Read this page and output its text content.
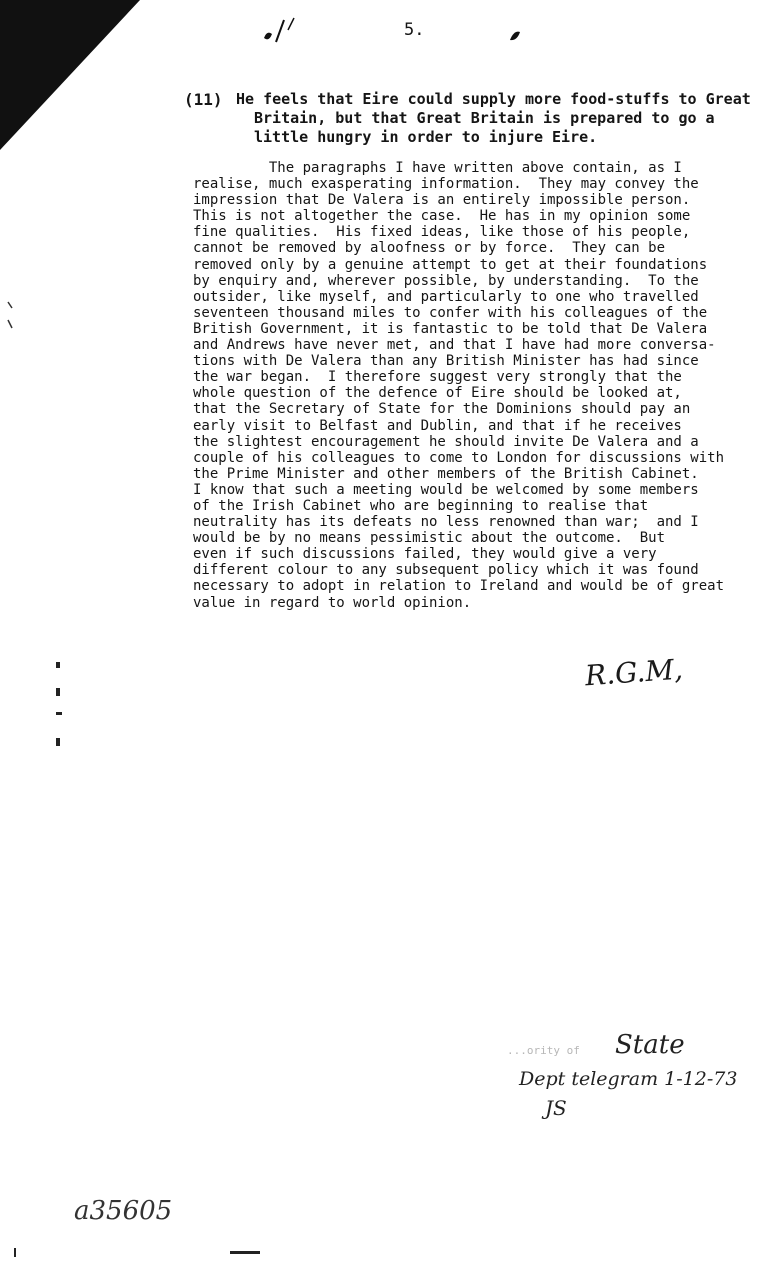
5.
(11) He feels that Eire could supply more food-stuffs to Great
Britain, but that Great Britain is prepared to go a
little hungry in order to injure Eire.
The paragraphs I have written above contain, as I
realise, much exasperating information.  They may convey the
impression that De Valera is an entirely impossible person.
This is not altogether the case.  He has in my opinion some
fine qualities.  His fixed ideas, like those of his people,
cannot be removed by aloofness or by force.  They can be
removed only by a genuine attempt to get at their foundations
by enquiry and, wherever possible, by understanding.  To the
outsider, like myself, and particularly to one who travelled
seventeen thousand miles to confer with his colleagues of the
British Government, it is fantastic to be told that De Valera
and Andrews have never met, and that I have had more conversa-
tions with De Valera than any British Minister has had since
the war began.  I therefore suggest very strongly that the
whole question of the defence of Eire should be looked at,
that the Secretary of State for the Dominions should pay an
early visit to Belfast and Dublin, and that if he receives
the slightest encouragement he should invite De Valera and a
couple of his colleagues to come to London for discussions with
the Prime Minister and other members of the British Cabinet.
I know that such a meeting would be welcomed by some members
of the Irish Cabinet who are beginning to realise that
neutrality has its defeats no less renowned than war;  and I
would be by no means pessimistic about the outcome.  But
even if such discussions failed, they would give a very
different colour to any subsequent policy which it was found
necessary to adopt in relation to Ireland and would be of great
value in regard to world opinion.
R.G.M,
...ority of State
Dept telegram 1-12-73
JS
a35605
